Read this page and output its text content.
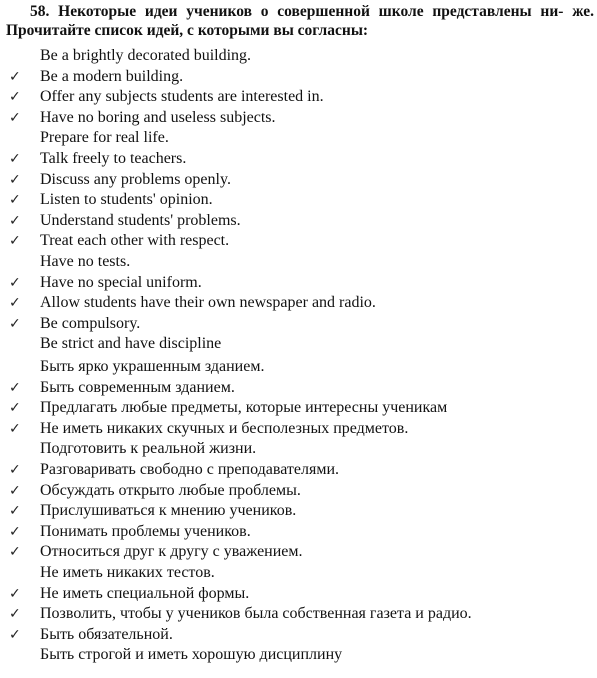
58. Некоторые идеи учеников о совершенной школе представлены ни- же. Прочитайте список идей, с которыми вы согласны:
Be a brightly decorated building.
✓ Be a modern building.
✓ Offer any subjects students are interested in.
✓ Have no boring and useless subjects.
Prepare for real life.
✓ Talk freely to teachers.
✓ Discuss any problems openly.
✓ Listen to students' opinion.
✓ Understand students' problems.
✓ Treat each other with respect.
Have no tests.
✓ Have no special uniform.
✓ Allow students have their own newspaper and radio.
✓ Be compulsory.
Be strict and have discipline
Быть ярко украшенным зданием.
✓ Быть современным зданием.
✓ Предлагать любые предметы, которые интересны ученикам
✓ Не иметь никаких скучных и бесполезных предметов.
Подготовить к реальной жизни.
✓ Разговаривать свободно с преподавателями.
✓ Обсуждать открыто любые проблемы.
✓ Прислушиваться к мнению учеников.
✓ Понимать проблемы учеников.
✓ Относиться друг к другу с уважением.
Не иметь никаких тестов.
✓ Не иметь специальной формы.
✓ Позволить, чтобы у учеников была собственная газета и радио.
✓ Быть обязательной.
Быть строгой и иметь хорошую дисциплину
